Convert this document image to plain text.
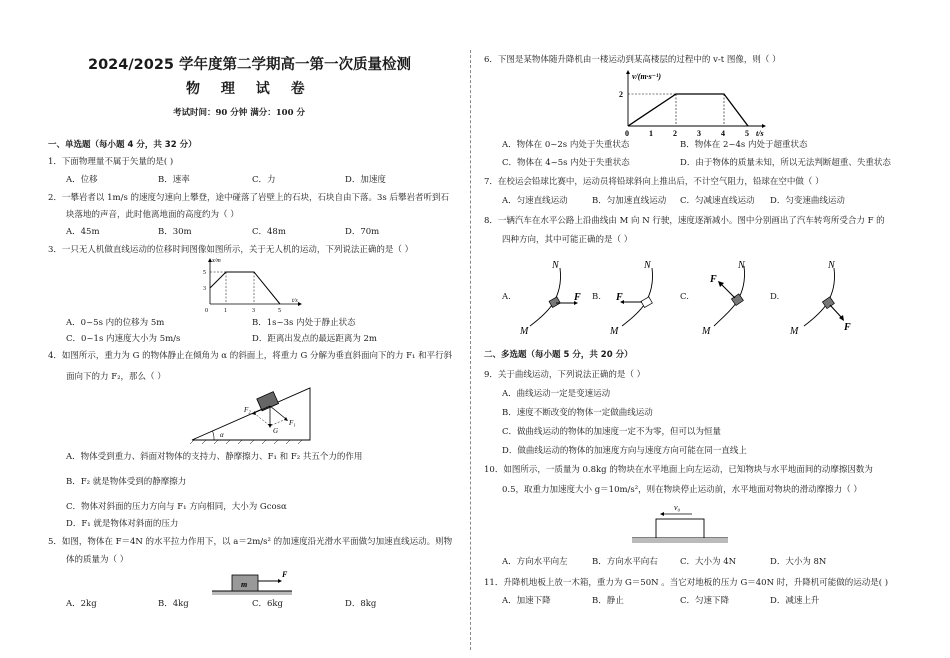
2024/2025 学年度第二学期高一第一次质量检测
物 理 试 卷
考试时间：90 分钟 满分：100 分
一、单选题（每小题 4 分，共 32 分）
1．下面物理量不属于矢量的是( )
A．位移	B．速率	C．力	D．加速度
2．一攀岩者以 1m/s 的速度匀速向上攀登，途中碰落了岩壁上的石块，石块自由下落。3s 后攀岩者听到石
块落地的声音，此时他离地面的高度约为（ ）
A．45m	B．30m	C．48m	D．70m
3．一只无人机做直线运动的位移时间图像如图所示，关于无人机的运动，下列说法正确的是（ ）
x/m
5
3
0	1	3	5
t/s
A．0~5s 内的位移为 5m	B．1s~3s 内处于静止状态
C．0~1s 内速度大小为 5m/s	D．距离出发点的最远距离为 2m
4．如图所示，重力为 G 的物体静止在倾角为 α 的斜面上，将重力 G 分解为垂直斜面向下的力 F₁ 和平行斜
面向下的力 F₂，那么（ ）
α
F₂
F₁
G
A．物体受到重力、斜面对物体的支持力、静摩擦力、F₁ 和 F₂ 共五个力的作用
B．F₂ 就是物体受到的静摩擦力
C．物体对斜面的压力方向与 F₁ 方向相同，大小为 Gcosα
D．F₁ 就是物体对斜面的压力
5．如图，物体在 F＝4N 的水平拉力作用下，以 a＝2m/s² 的加速度沿光滑水平面做匀加速直线运动。则物
体的质量为（ ）
m
F
A．2kg	B．4kg	C．6kg	D．8kg
6．下图是某物体随升降机由一楼运动到某高楼层的过程中的 v-t 图像，则（ ）
v/(m·s⁻¹)
t/s
0	1	2	3	4	5
2
A．物体在 0~2s 内处于失重状态	B．物体在 2~4s 内处于超重状态
C．物体在 4~5s 内处于失重状态	D．由于物体的质量未知，所以无法判断超重、失重状态
7．在校运会铅球比赛中，运动员将铅球斜向上推出后，不计空气阻力，铅球在空中做（ ）
A．匀速直线运动	B．匀加速直线运动 C．匀减速直线运动 D．匀变速曲线运动
8．一辆汽车在水平公路上沿曲线由 M 向 N 行驶，速度逐渐减小。图中分别画出了汽车转弯所受合力 F 的
四种方向，其中可能正确的是（ ）
A.
N
M
F B.
N
M
F	C.
N
M
F
D.
N
M	F
二、多选题（每小题 5 分，共 20 分）
9．关于曲线运动，下列说法正确的是（ ）
A．曲线运动一定是变速运动
B．速度不断改变的物体一定做曲线运动
C．做曲线运动的物体的加速度一定不为零，但可以为恒量
D．做曲线运动的物体的加速度方向与速度方向可能在同一直线上
10．如图所示，一质量为 0.8kg 的物块在水平地面上向左运动，已知物块与水平地面间的动摩擦因数为
0.5，取重力加速度大小 g＝10m/s²，则在物块停止运动前，水平地面对物块的滑动摩擦力（ ）
v₀
A．方向水平向左	B．方向水平向右	C．大小为 4N	D．大小为 8N
11．升降机地板上放一木箱，重力为 G＝50N 。当它对地板的压力 G＝40N 时，升降机可能做的运动是( )
A．加速下降	B．静止	C．匀速下降	D．减速上升
